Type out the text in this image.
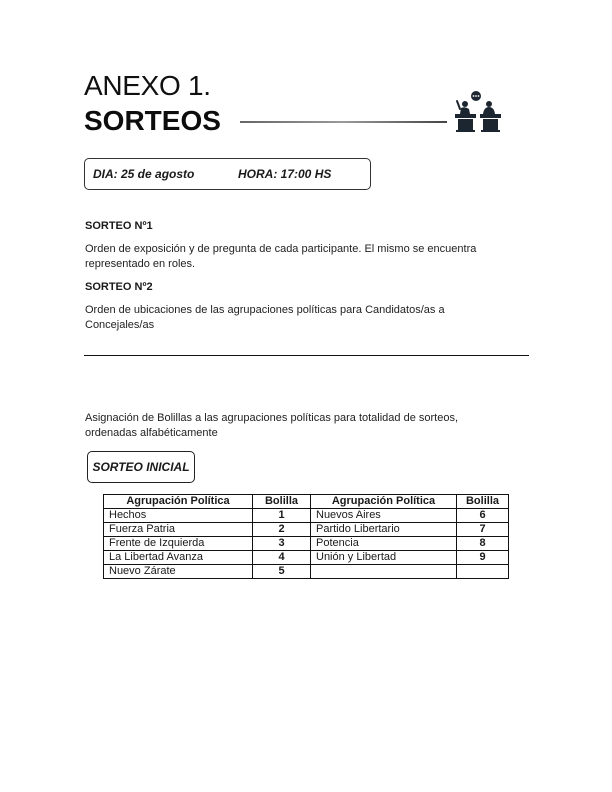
ANEXO 1.
SORTEOS
DIA: 25 de agosto	HORA: 17:00 HS
SORTEO Nº1
Orden de exposición y de pregunta de cada participante. El mismo se encuentra
representado en roles.
SORTEO Nº2
Orden de ubicaciones de las agrupaciones políticas para Candidatos/as a
Concejales/as
Asignación de Bolillas a las agrupaciones políticas para totalidad de sorteos,
ordenadas alfabéticamente
SORTEO INICIAL
Agrupación Política	Bolilla	Agrupación Política	Bolilla
Hechos	1	Nuevos Aires	6
Fuerza Patria	2	Partido Libertario	7
Frente de Izquierda	3	Potencia	8
La Libertad Avanza	4	Unión y Libertad	9
Nuevo Zárate	5		
